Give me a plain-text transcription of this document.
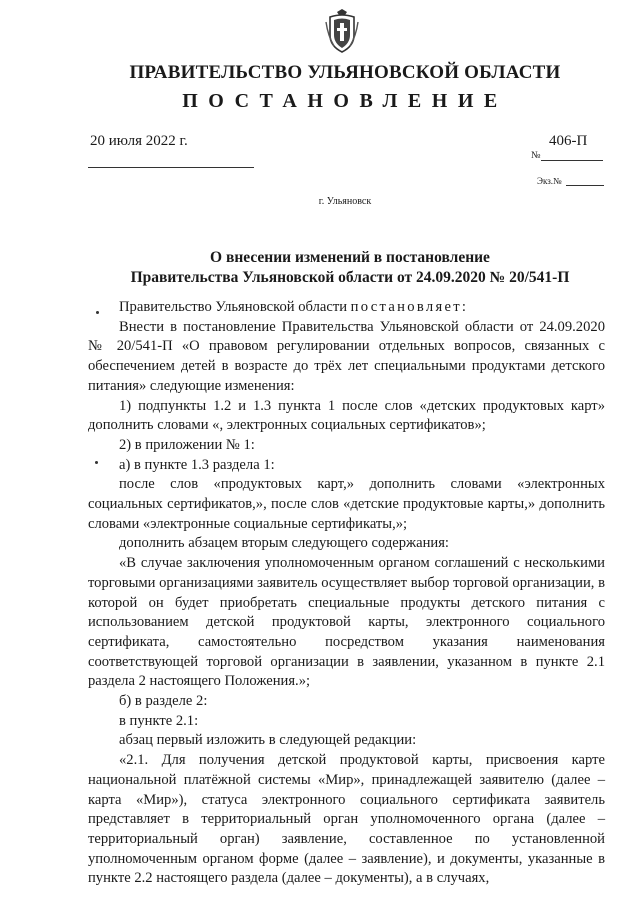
ПРАВИТЕЛЬСТВО УЛЬЯНОВСКОЙ ОБЛАСТИ
ПОСТАНОВЛЕНИЕ
20 июля 2022 г.	406-П
№
Экз.№
г. Ульяновск
О внесении изменений в постановление
Правительства Ульяновской области от 24.09.2020 № 20/541-П

Правительство Ульяновской области постановляет:

Внести в постановление Правительства Ульяновской области от 24.09.2020 № 20/541-П «О правовом регулировании отдельных вопросов, связанных с обеспечением детей в возрасте до трёх лет специальными продуктами детского питания» следующие изменения:

1) подпункты 1.2 и 1.3 пункта 1 после слов «детских продуктовых карт» дополнить словами «, электронных социальных сертификатов»;

2) в приложении № 1:

а) в пункте 1.3 раздела 1:

после слов «продуктовых карт,» дополнить словами «электронных социальных сертификатов,», после слов «детские продуктовые карты,» дополнить словами «электронные социальные сертификаты,»;

дополнить абзацем вторым следующего содержания:

«В случае заключения уполномоченным органом соглашений с несколькими торговыми организациями заявитель осуществляет выбор торговой организации, в которой он будет приобретать специальные продукты детского питания с использованием детской продуктовой карты, электронного социального сертификата, самостоятельно посредством указания наименования соответствующей торговой организации в заявлении, указанном в пункте 2.1 раздела 2 настоящего Положения.»;

б) в разделе 2:

в пункте 2.1:

абзац первый изложить в следующей редакции:

«2.1. Для получения детской продуктовой карты, присвоения карте национальной платёжной системы «Мир», принадлежащей заявителю (далее – карта «Мир»), статуса электронного социального сертификата заявитель представляет в территориальный орган уполномоченного органа (далее – территориальный орган) заявление, составленное по установленной уполномоченным органом форме (далее – заявление), и документы, указанные в пункте 2.2 настоящего раздела (далее – документы), а в случаях,
